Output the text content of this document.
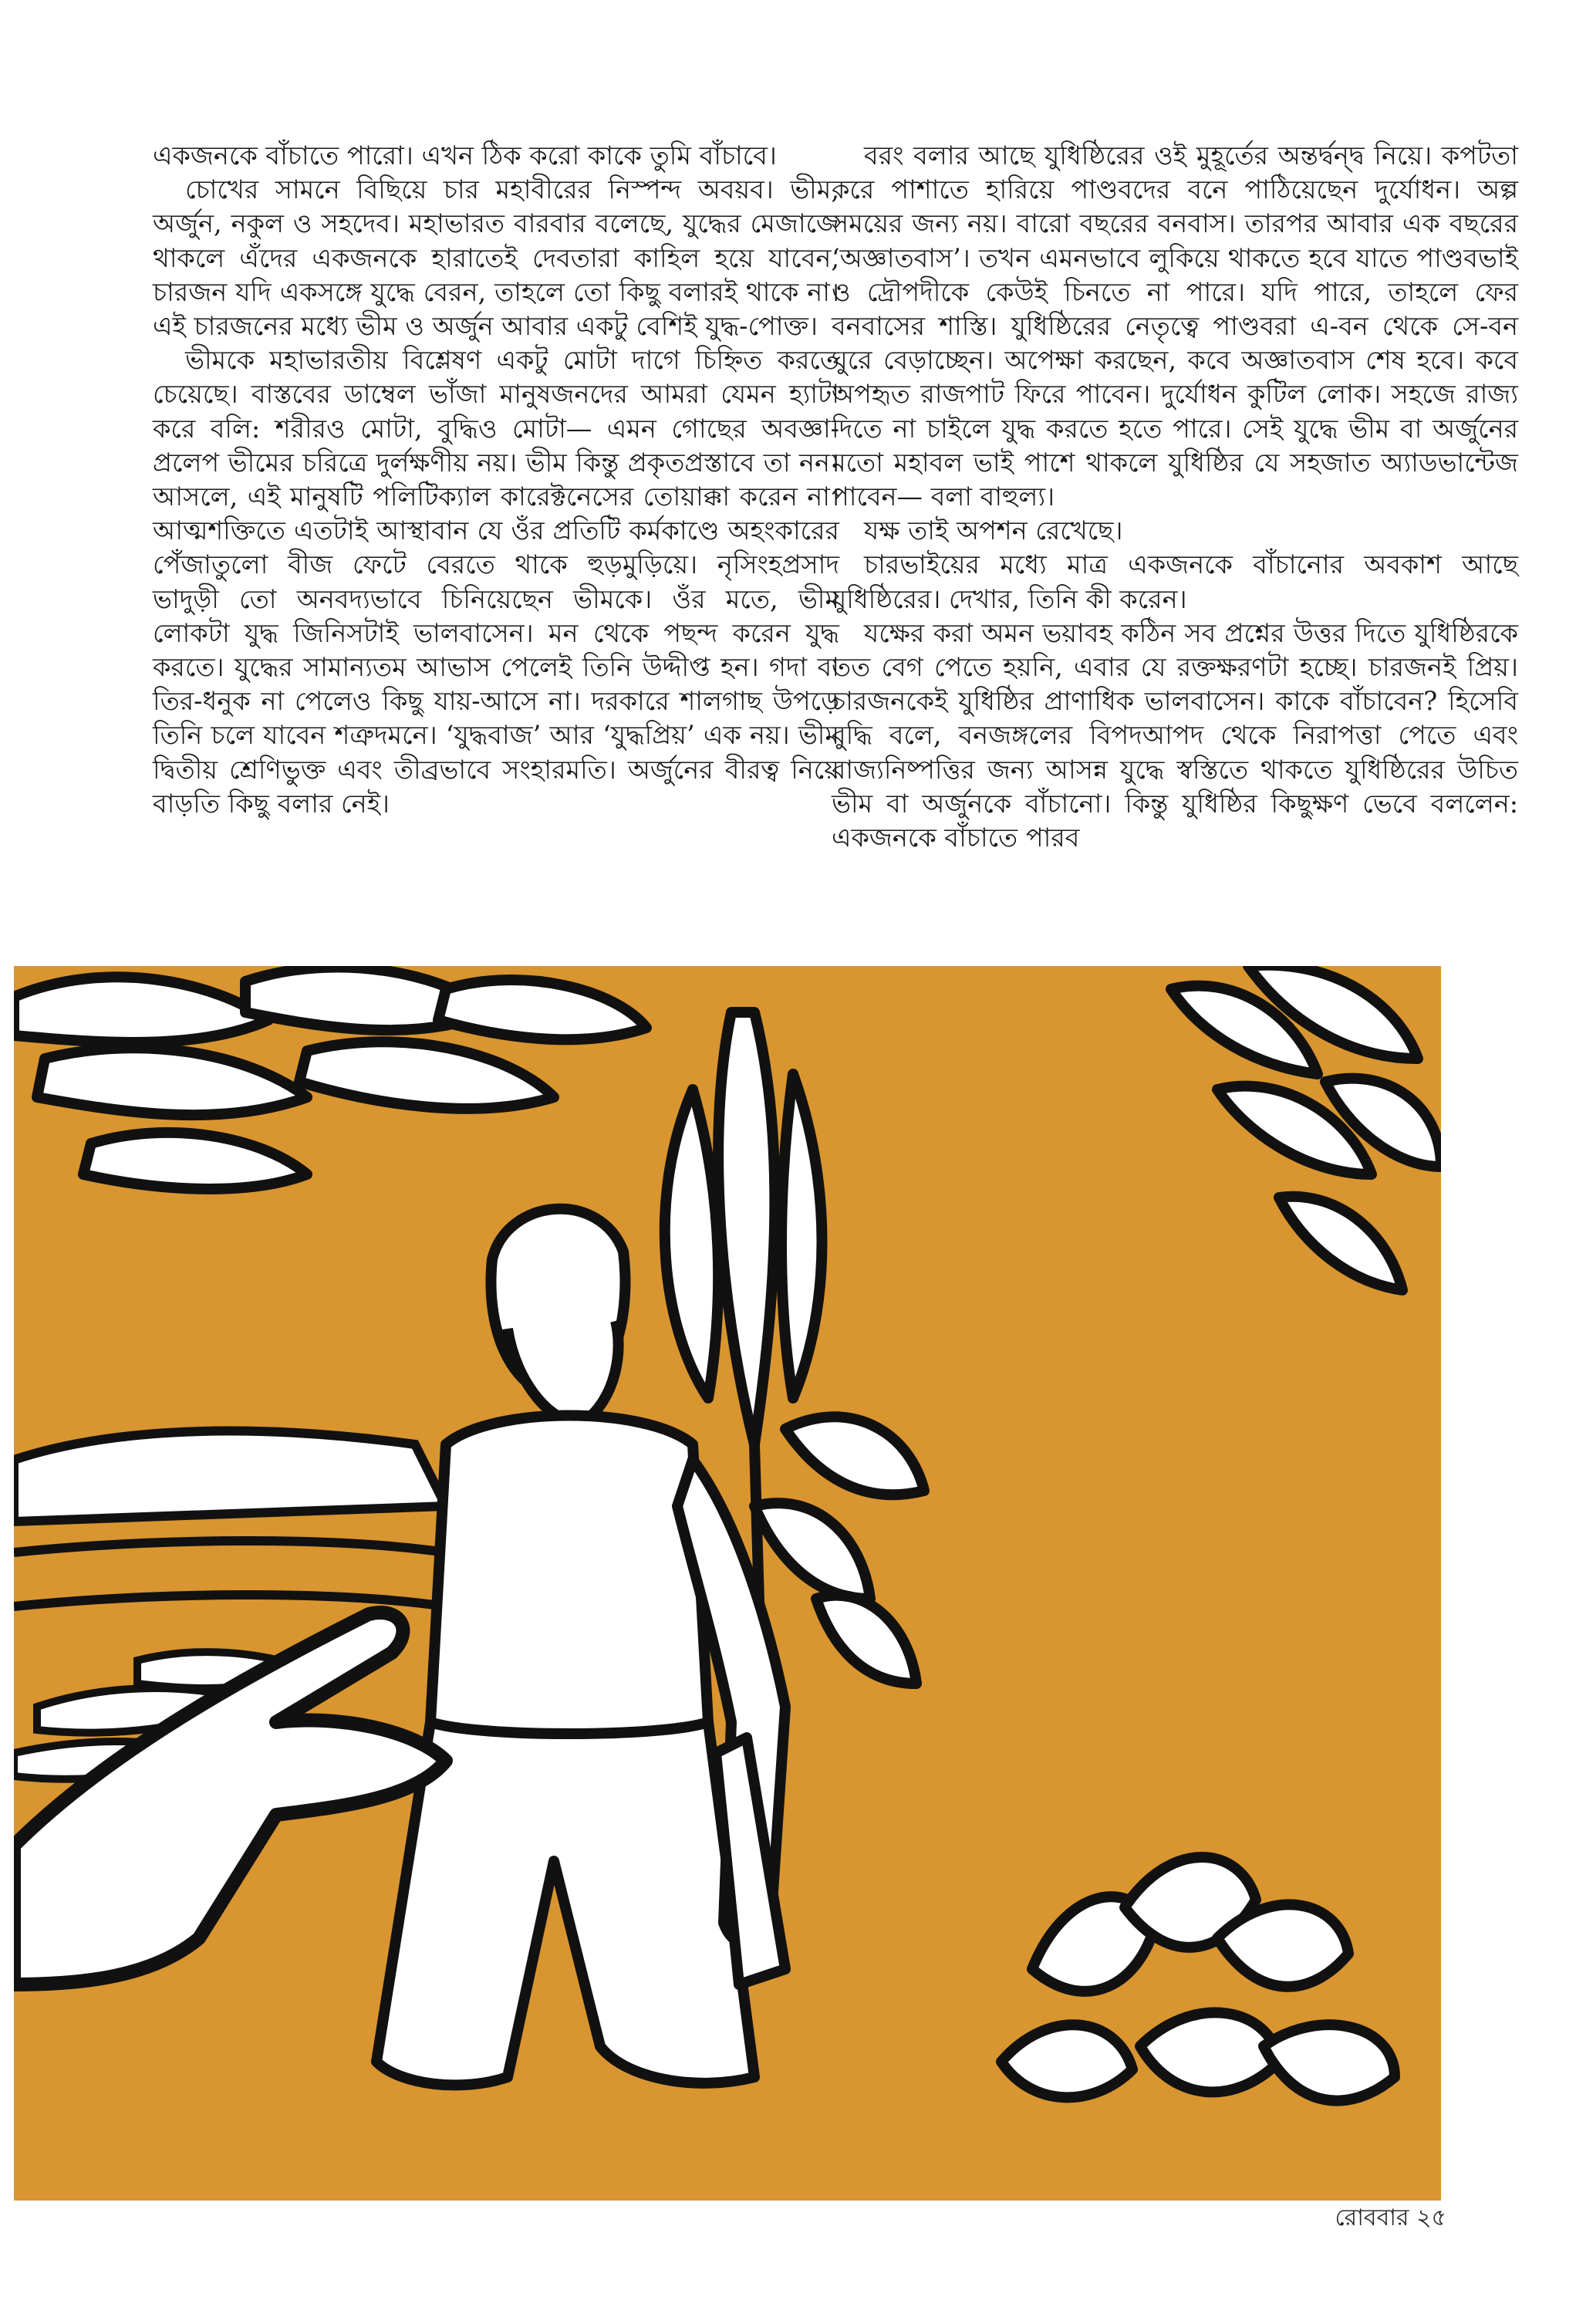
একজনকে বাঁচাতে পারো। এখন ঠিক করো কাকে তুমি বাঁচাবে।

চোখের সামনে বিছিয়ে চার মহাবীরের নিস্পন্দ অবয়ব। ভীম, অর্জুন, নকুল ও সহদেব। মহাভারত বারবার বলেছে, যুদ্ধের মেজাজে থাকলে এঁদের একজনকে হারাতেই দেবতারা কাহিল হয়ে যাবেন, চারজন যদি একসঙ্গে যুদ্ধে বেরন, তাহলে তো কিছু বলারই থাকে না। এই চারজনের মধ্যে ভীম ও অর্জুন আবার একটু বেশিই যুদ্ধ-পোক্ত।

ভীমকে মহাভারতীয় বিশ্লেষণ একটু মোটা দাগে চিহ্নিত করতে চেয়েছে। বাস্তবের ডাম্বেল ভাঁজা মানুষজনদের আমরা যেমন হ্যাটা করে বলি: শরীরও মোটা, বুদ্ধিও মোটা— এমন গোছের অবজ্ঞা-প্রলেপ ভীমের চরিত্রে দুর্লক্ষণীয় নয়। ভীম কিন্তু প্রকৃতপ্রস্তাবে তা নন। আসলে, এই মানুষটি পলিটিক্যাল কারেক্টনেসের তোয়াক্কা করেন না। আত্মশক্তিতে এতটাই আস্থাবান যে ওঁর প্রতিটি কর্মকাণ্ডে অহংকারের পেঁজাতুলো বীজ ফেটে বেরতে থাকে হুড়মুড়িয়ে। নৃসিংহপ্রসাদ ভাদুড়ী তো অনবদ্যভাবে চিনিয়েছেন ভীমকে। ওঁর মতে, ভীম লোকটা যুদ্ধ জিনিসটাই ভালবাসেন। মন থেকে পছন্দ করেন যুদ্ধ করতে। যুদ্ধের সামান্যতম আভাস পেলেই তিনি উদ্দীপ্ত হন। গদা বা তির-ধনুক না পেলেও কিছু যায়-আসে না। দরকারে শালগাছ উপড়ে তিনি চলে যাবেন শত্রুদমনে। ‘যুদ্ধবাজ’ আর ‘যুদ্ধপ্রিয়’ এক নয়। ভীম দ্বিতীয় শ্রেণিভুক্ত এবং তীব্রভাবে সংহারমতি। অর্জুনের বীরত্ব নিয়ে বাড়তি কিছু বলার নেই।

বরং বলার আছে যুধিষ্ঠিরের ওই মুহূর্তের অন্তর্দ্বন্দ্ব নিয়ে। কপটতা করে পাশাতে হারিয়ে পাণ্ডবদের বনে পাঠিয়েছেন দুর্যোধন। অল্প সময়ের জন্য নয়। বারো বছরের বনবাস। তারপর আবার এক বছরের ‘অজ্ঞাতবাস’। তখন এমনভাবে লুকিয়ে থাকতে হবে যাতে পাণ্ডবভাই ও দ্রৌপদীকে কেউই চিনতে না পারে। যদি পারে, তাহলে ফের বনবাসের শাস্তি। যুধিষ্ঠিরের নেতৃত্বে পাণ্ডবরা এ-বন থেকে সে-বন ঘুরে বেড়াচ্ছেন। অপেক্ষা করছেন, কবে অজ্ঞাতবাস শেষ হবে। কবে অপহৃত রাজপাট ফিরে পাবেন। দুর্যোধন কুটিল লোক। সহজে রাজ্য দিতে না চাইলে যুদ্ধ করতে হতে পারে। সেই যুদ্ধে ভীম বা অর্জুনের মতো মহাবল ভাই পাশে থাকলে যুধিষ্ঠির যে সহজাত অ্যাডভান্টেজ পাবেন— বলা বাহুল্য।

যক্ষ তাই অপশন রেখেছে।

চারভাইয়ের মধ্যে মাত্র একজনকে বাঁচানোর অবকাশ আছে যুধিষ্ঠিরের। দেখার, তিনি কী করেন।

যক্ষের করা অমন ভয়াবহ কঠিন সব প্রশ্নের উত্তর দিতে যুধিষ্ঠিরকে তত বেগ পেতে হয়নি, এবার যে রক্তক্ষরণটা হচ্ছে। চারজনই প্রিয়। চারজনকেই যুধিষ্ঠির প্রাণাধিক ভালবাসেন। কাকে বাঁচাবেন? হিসেবি বুদ্ধি বলে, বনজঙ্গলের বিপদআপদ থেকে নিরাপত্তা পেতে এবং রাজ্যনিষ্পত্তির জন্য আসন্ন যুদ্ধে স্বস্তিতে থাকতে যুধিষ্ঠিরের উচিত ভীম বা অর্জুনকে বাঁচানো। কিন্তু যুধিষ্ঠির কিছুক্ষণ ভেবে বললেন: একজনকে বাঁচাতে পারব

রোববার ২৫
